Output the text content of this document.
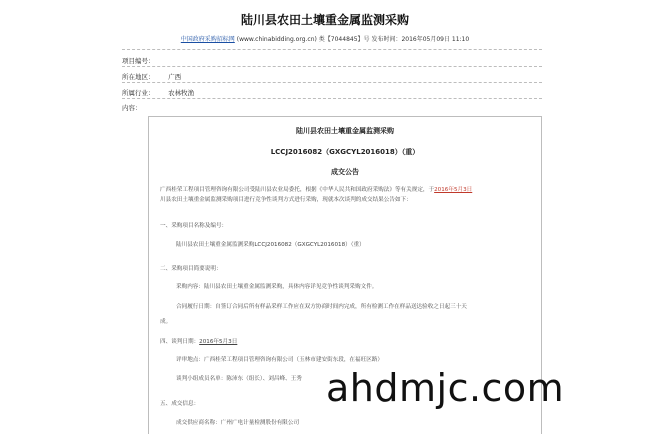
陆川县农田土壤重金属监测采购
中国政府采购招标网 (www.chinabidding.org.cn) 类【7044845】号 发布时间：2016年05月09日 11:10
项目编号：
所在地区： 广西
所属行业： 农林牧渔
内容：
陆川县农田土壤重金属监测采购
LCCJ2016082（GXGCYL2016018）（重）
成交公告
广西桂荣工程项目管理咨询有限公司受陆川县农业局委托，根据《中华人民共和国政府采购法》等有关规定，于2016年5月3日
川县农田土壤重金属监测采购项目进行竞争性谈判方式进行采购，现就本次谈判的成交结果公告如下：
一、采购项目名称及编号：
陆川县农田土壤重金属监测采购LCCJ2016082（GXGCYL2016018）（重）
二、采购项目简要说明：
采购内容：陆川县农田土壤重金属监测采购，具体内容详见竞争性谈判采购文件。
合同履行日期：自签订合同后所有样品采样工作应在双方协商时间内完成，所有检测工作在样品送达验收之日起三十天
成。
四、谈判日期：2016年5月3日
评审地点：广西桂荣工程项目管理咨询有限公司（玉林市建安街东段，在福旺区路）
谈判小组成员名单：陈沛东（组长）、刘昌峰、王秀
五、成交信息：
成交供应商名称：广州广电计量检测股份有限公司
ahdmjc.com
